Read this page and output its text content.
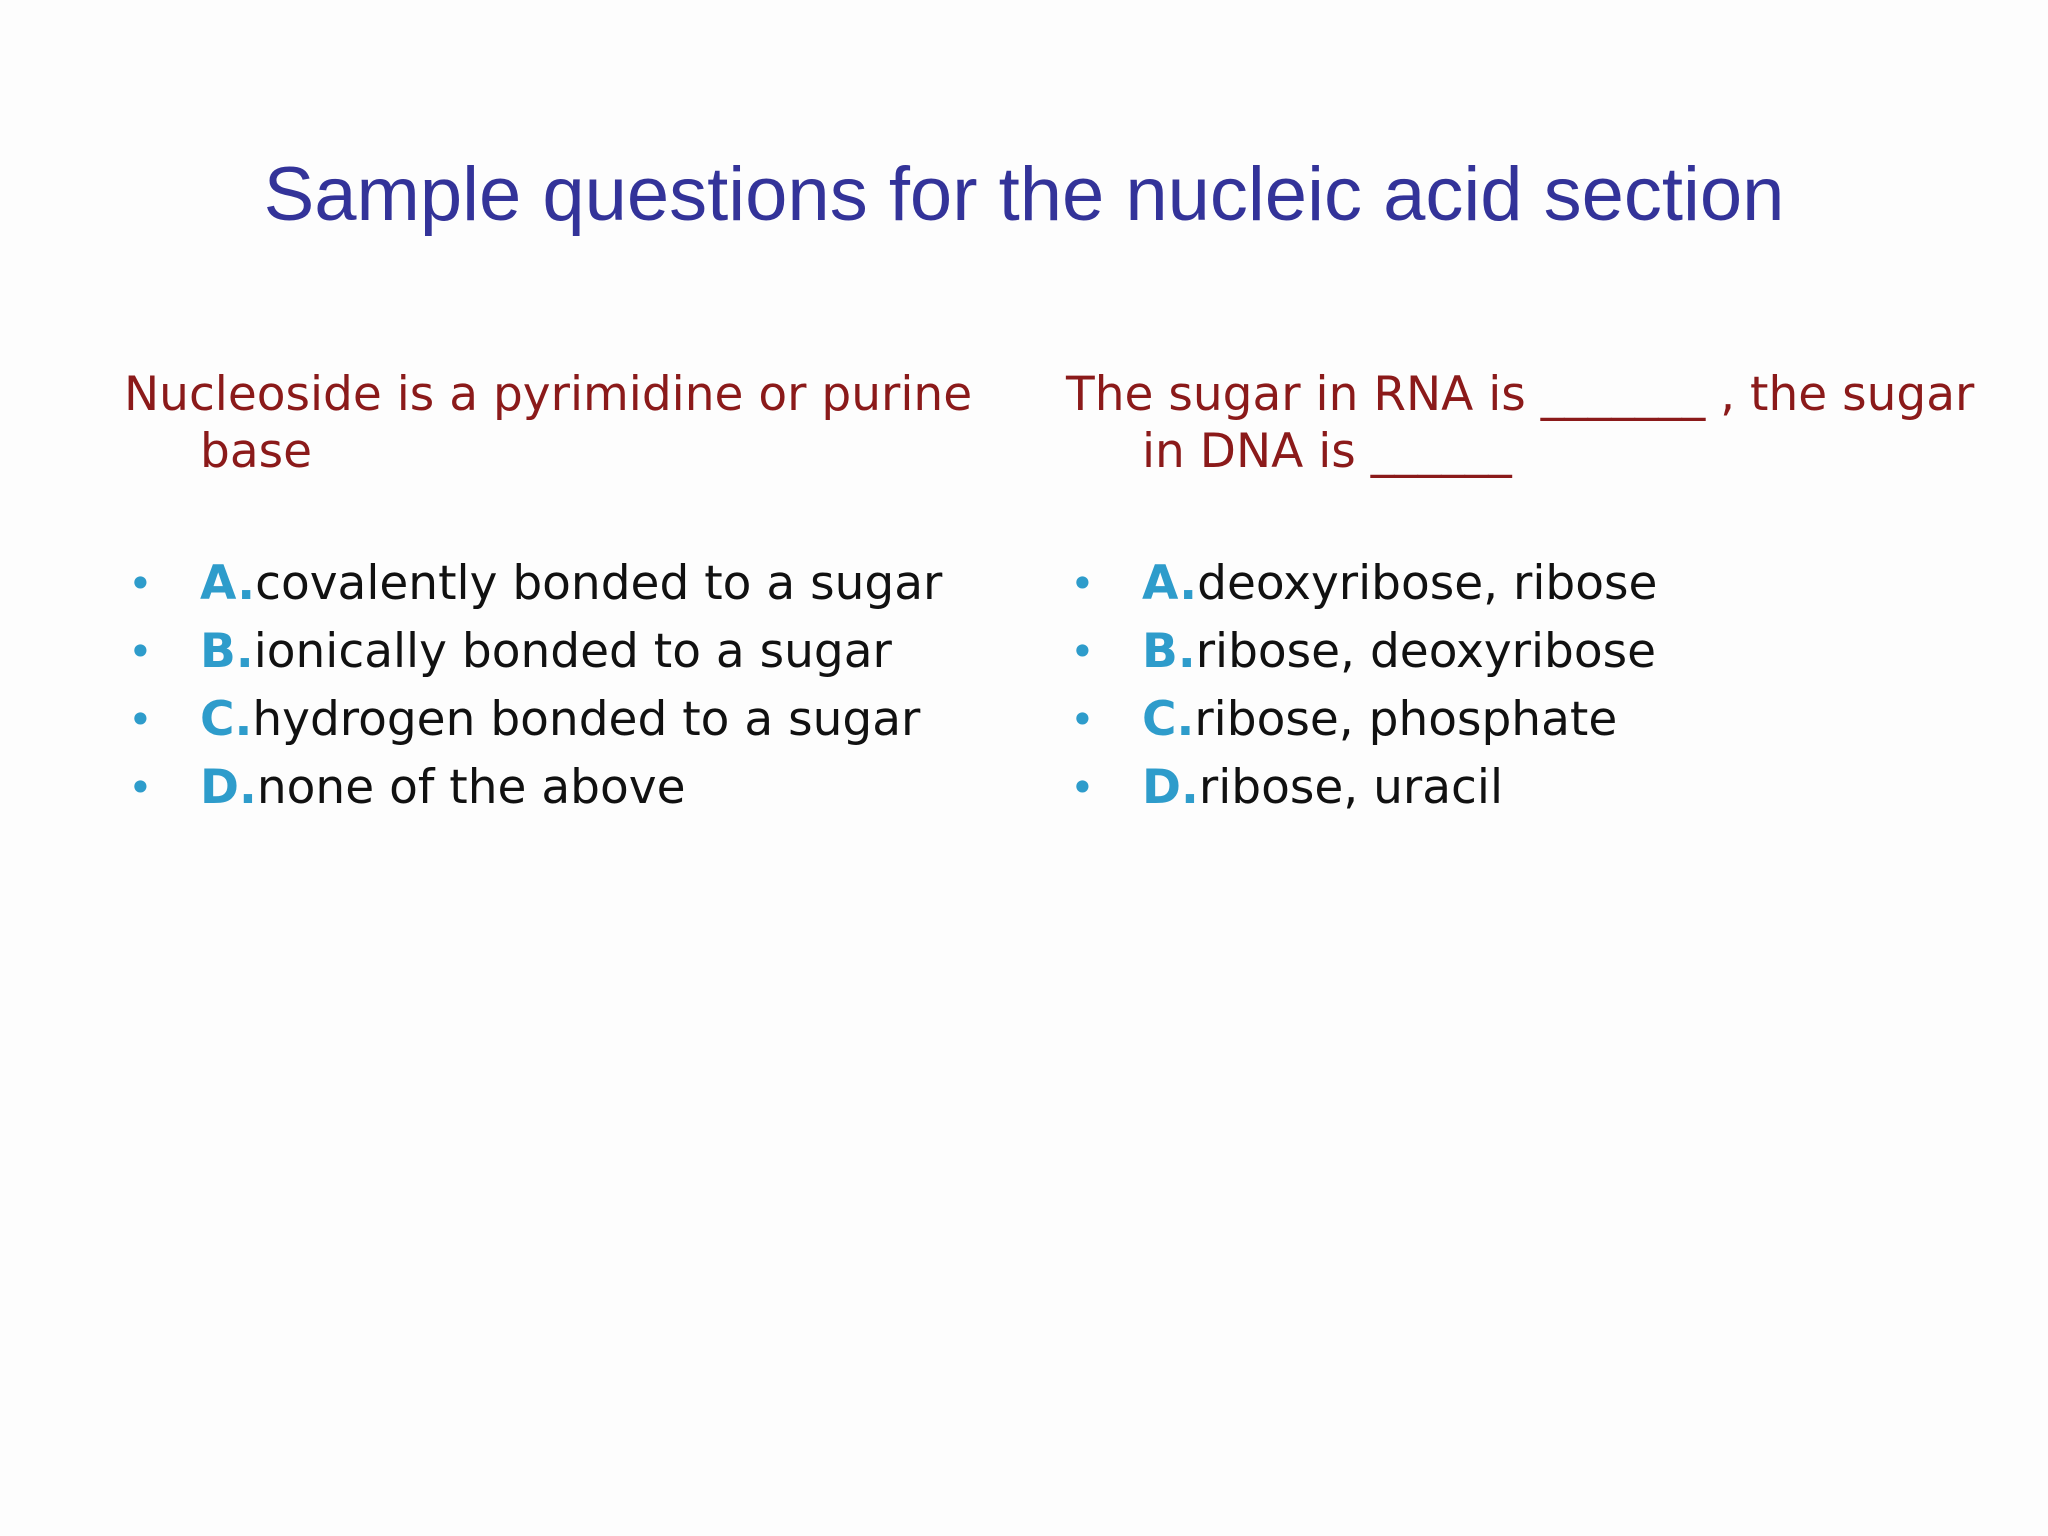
Sample questions for the nucleic acid section

Nucleoside is a pyrimidine or purine base

• A.covalently bonded to a sugar
• B.ionically bonded to a sugar
• C.hydrogen bonded to a sugar
• D.none of the above

The sugar in RNA is _______ , the sugar in DNA is ______

• A.deoxyribose, ribose
• B.ribose, deoxyribose
• C.ribose, phosphate
• D.ribose, uracil
